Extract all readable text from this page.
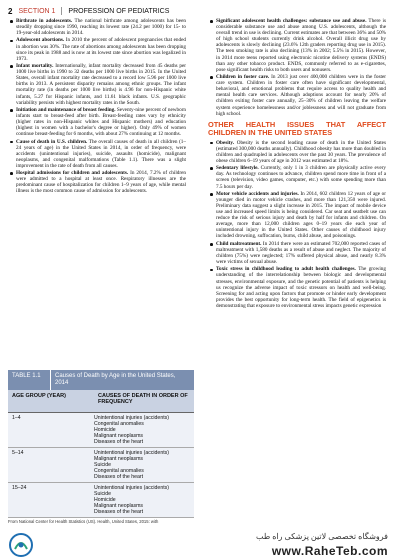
2 SECTION 1 PROFESSION OF PEDIATRICS
Birthrate in adolescents. The national birthrate among adolescents has been steadily dropping since 1990, reaching its lowest rate (24.2 per 1000) for 15- to 19-year-old adolescents in 2014.
Adolescent abortions. In 2010 the percent of adolescent pregnancies that ended in abortion was 30%. The rate of abortions among adolescents has been dropping since its peak in 1988 and is now at its lowest rate since abortion was legalized in 1973.
Infant mortality. Internationally, infant mortality decreased from 45 deaths per 1000 live births in 1990 to 32 deaths per 1000 live births in 2015. In the United States, overall infant mortality rate decreased to a record low 5.96 per 1000 live births in 2013. A persistent disparity remains among ethnic groups. The infant mortality rate (in deaths per 1000 live births) is 4.96 for non-Hispanic white infants, 5.27 for Hispanic infants, and 11.61 black infants. U.S. geographic variability persists with highest mortality rates in the South.
Initiation and maintenance of breast feeding. Seventy-nine percent of newborn infants start to breast-feed after birth. Breast-feeding rates vary by ethnicity (higher rates in non-Hispanic whites and Hispanic mothers) and education (highest in women with a bachelor's degree or higher). Only 49% of women continue breast-feeding for 6 months, with about 27% continuing at 12 months.
Cause of death in U.S. children. The overall causes of death in all children (1–24 years of age) in the United States in 2014, in order of frequency, were accidents (unintentional injuries), suicide, assaults (homicide), malignant neoplasms, and congenital malformations (Table 1.1). There was a slight improvement in the rate of death from all causes.
Hospital admissions for children and adolescents. In 2014, 7.2% of children were admitted to a hospital at least once. Respiratory illnesses are the predominant cause of hospitalization for children 1–9 years of age, while mental illness is the most common cause of admission for adolescents.
TABLE 1.1	Causes of Death by Age in the United States, 2014
AGE GROUP (YEAR)	CAUSES OF DEATH IN ORDER OF FREQUENCY
1–4	Unintentional injuries (accidents)
Congenital anomalies
Homicide
Malignant neoplasms
Diseases of the heart
5–14	Unintentional injuries (accidents)
Malignant neoplasms
Suicide
Congenital anomalies
Diseases of the heart
15–24	Unintentional injuries (accidents)
Suicide
Homicide
Malignant neoplasms
Diseases of the heart
From National Center for Health Statistics (US). Health, United States, 2015: with
Significant adolescent health challenges: substance use and abuse. There is considerable substance use and abuse among U.S. adolescents, although the overall trend in use is declining. Current estimates are that between 36% and 50% of high school students currently drink alcohol. Overall illicit drug use by adolescents is slowly declining (23.6% 12th graders reporting drug use in 2015). The teen smoking rate is also declining (13% in 2002; 5.5% in 2015). However, in 2014 more teens reported using electronic nicotine delivery systems (ENDS) than any other tobacco product. ENDS, commonly referred to as e-cigarettes, pose significant health risks to both users and nonusers.
Children in foster care. In 2013 just over 400,000 children were in the foster care system. Children in foster care often have significant developmental, behavioral, and emotional problems that require access to quality health and mental health care services. Although adoptions account for nearly 20% of children exiting foster care annually, 25–30% of children leaving the welfare system experience homelessness and/or joblessness and will not graduate from high school.
OTHER HEALTH ISSUES THAT AFFECT CHILDREN IN THE UNITED STATES
Obesity. Obesity is the second leading cause of death in the United States (estimated 300,000 deaths annually). Childhood obesity has more than doubled in children and quadrupled in adolescents over the past 30 years. The prevalence of obese children 6–19 years of age in 2012 was estimated at 18%.
Sedentary lifestyle. Currently, only 1 in 3 children are physically active every day. As technology continues to advance, children spend more time in front of a screen (television, video games, computer, etc.) with some spending more than 7.5 hours per day.
Motor vehicle accidents and injuries. In 2014, 602 children 12 years of age or younger died in motor vehicle crashes, and more than 121,350 were injured. Preliminary data suggest a slight increase in 2015. The impact of mobile device use and increased speed limits is being considered. Car seat and seatbelt use can reduce the risk of serious injury and death by half for infants and children. On average, more than 12,000 children ages 0–19 years die each year of unintentional injury in the United States. Other causes of childhood injury included drowning, suffocation, burns, child abuse, and poisonings.
Child maltreatment. In 2014 there were an estimated 702,000 reported cases of maltreatment with 1,580 deaths as a result of abuse and neglect. The majority of children (75%) were neglected; 17% suffered physical abuse, and nearly 8.3% were victims of sexual abuse.
Toxic stress in childhood leading to adult health challenges. The growing understanding of the interrelationship between biologic and developmental stresses, environmental exposure, and the genetic potential of patients is helping us recognize the adverse impact of toxic stressors on health and well-being. Screening for and acting upon factors that promote or hinder early development provides the best opportunity for long-term health. The field of epigenetics is demonstrating that exposure to environmental stress impacts genetic expression
فروشگاه تخصصی لاتین پزشکی راه طب
www.RaheTeb.com
